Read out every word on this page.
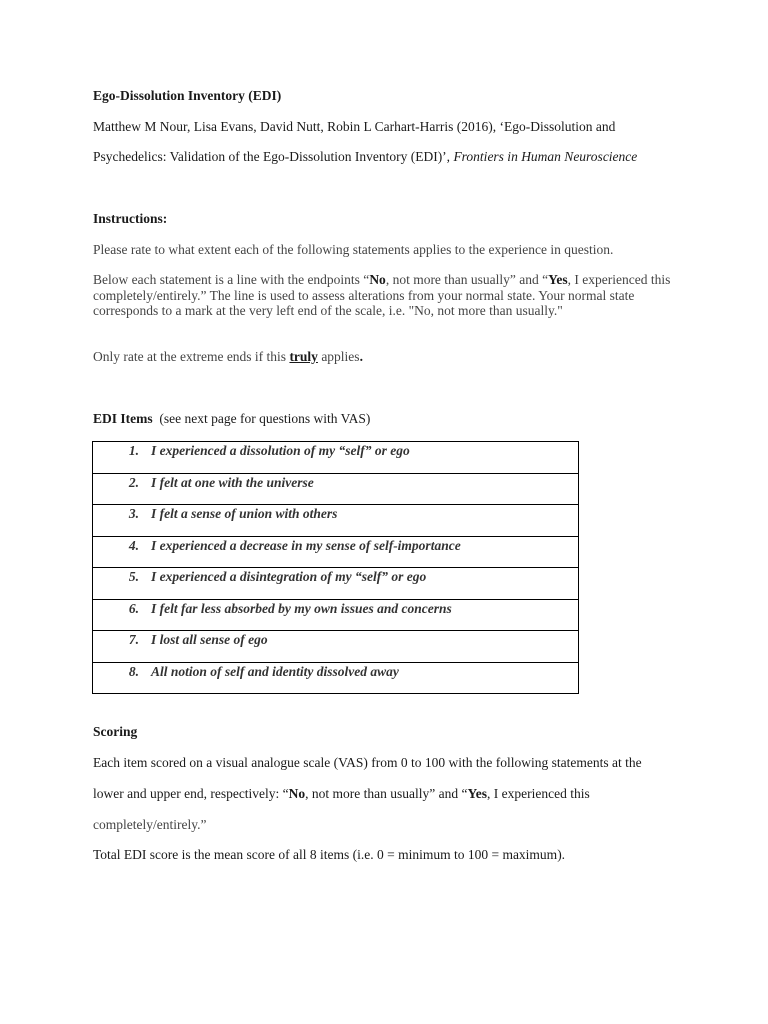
Ego-Dissolution Inventory (EDI)
Matthew M Nour, Lisa Evans, David Nutt, Robin L Carhart-Harris (2016), ‘Ego-Dissolution and
Psychedelics: Validation of the Ego-Dissolution Inventory (EDI)’, Frontiers in Human Neuroscience
Instructions:
Please rate to what extent each of the following statements applies to the experience in question.
Below each statement is a line with the endpoints “No, not more than usually” and “Yes, I experienced this completely/entirely.” The line is used to assess alterations from your normal state. Your normal state corresponds to a mark at the very left end of the scale, i.e. "No, not more than usually."
Only rate at the extreme ends if this truly applies.
EDI Items  (see next page for questions with VAS)
1. I experienced a dissolution of my “self” or ego

2. I felt at one with the universe

3. I felt a sense of union with others

4. I experienced a decrease in my sense of self-importance

5. I experienced a disintegration of my “self” or ego

6. I felt far less absorbed by my own issues and concerns

7. I lost all sense of ego

8. All notion of self and identity dissolved away
Scoring
Each item scored on a visual analogue scale (VAS) from 0 to 100 with the following statements at the
lower and upper end, respectively: “No, not more than usually” and “Yes, I experienced this
completely/entirely.”
Total EDI score is the mean score of all 8 items (i.e. 0 = minimum to 100 = maximum).
